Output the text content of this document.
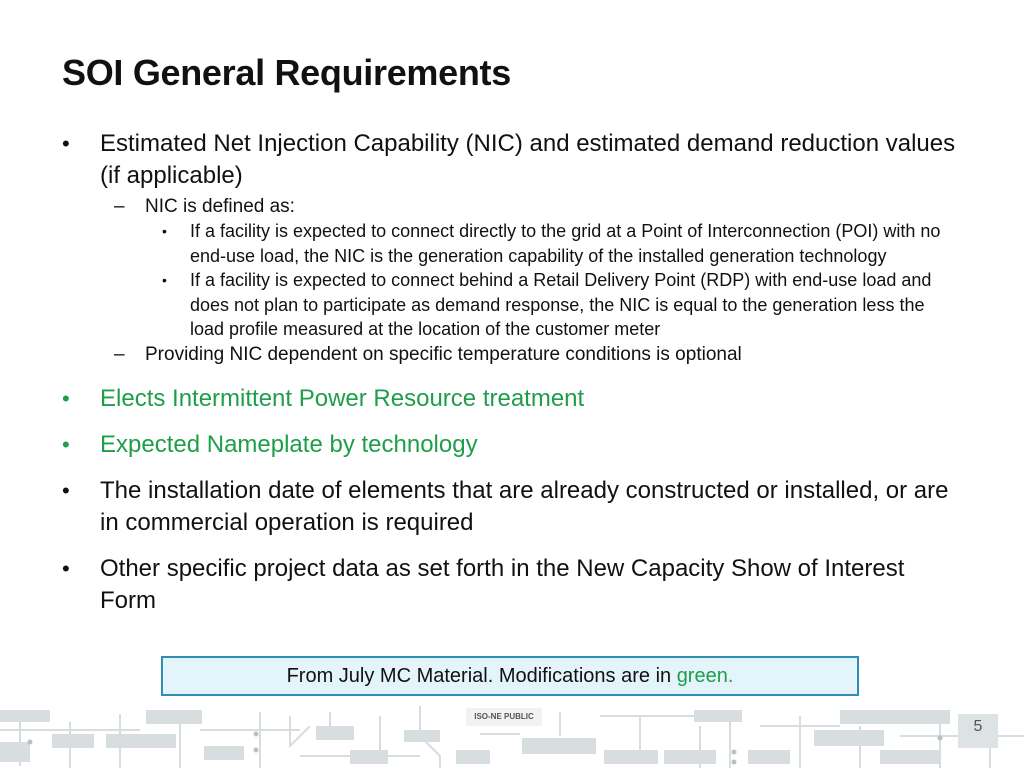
SOI General Requirements
• Estimated Net Injection Capability (NIC) and estimated demand reduction values (if applicable)
– NIC is defined as:
• If a facility is expected to connect directly to the grid at a Point of Interconnection (POI) with no end-use load, the NIC is the generation capability of the installed generation technology
• If a facility is expected to connect behind a Retail Delivery Point (RDP) with end-use load and does not plan to participate as demand response, the NIC is equal to the generation less the load profile measured at the location of the customer meter
– Providing NIC dependent on specific temperature conditions is optional
• Elects Intermittent Power Resource treatment
• Expected Nameplate by technology
• The installation date of elements that are already constructed or installed, or are in commercial operation is required
• Other specific project data as set forth in the New Capacity Show of Interest Form
From July MC Material. Modifications are in green.
ISO-NE PUBLIC
5
